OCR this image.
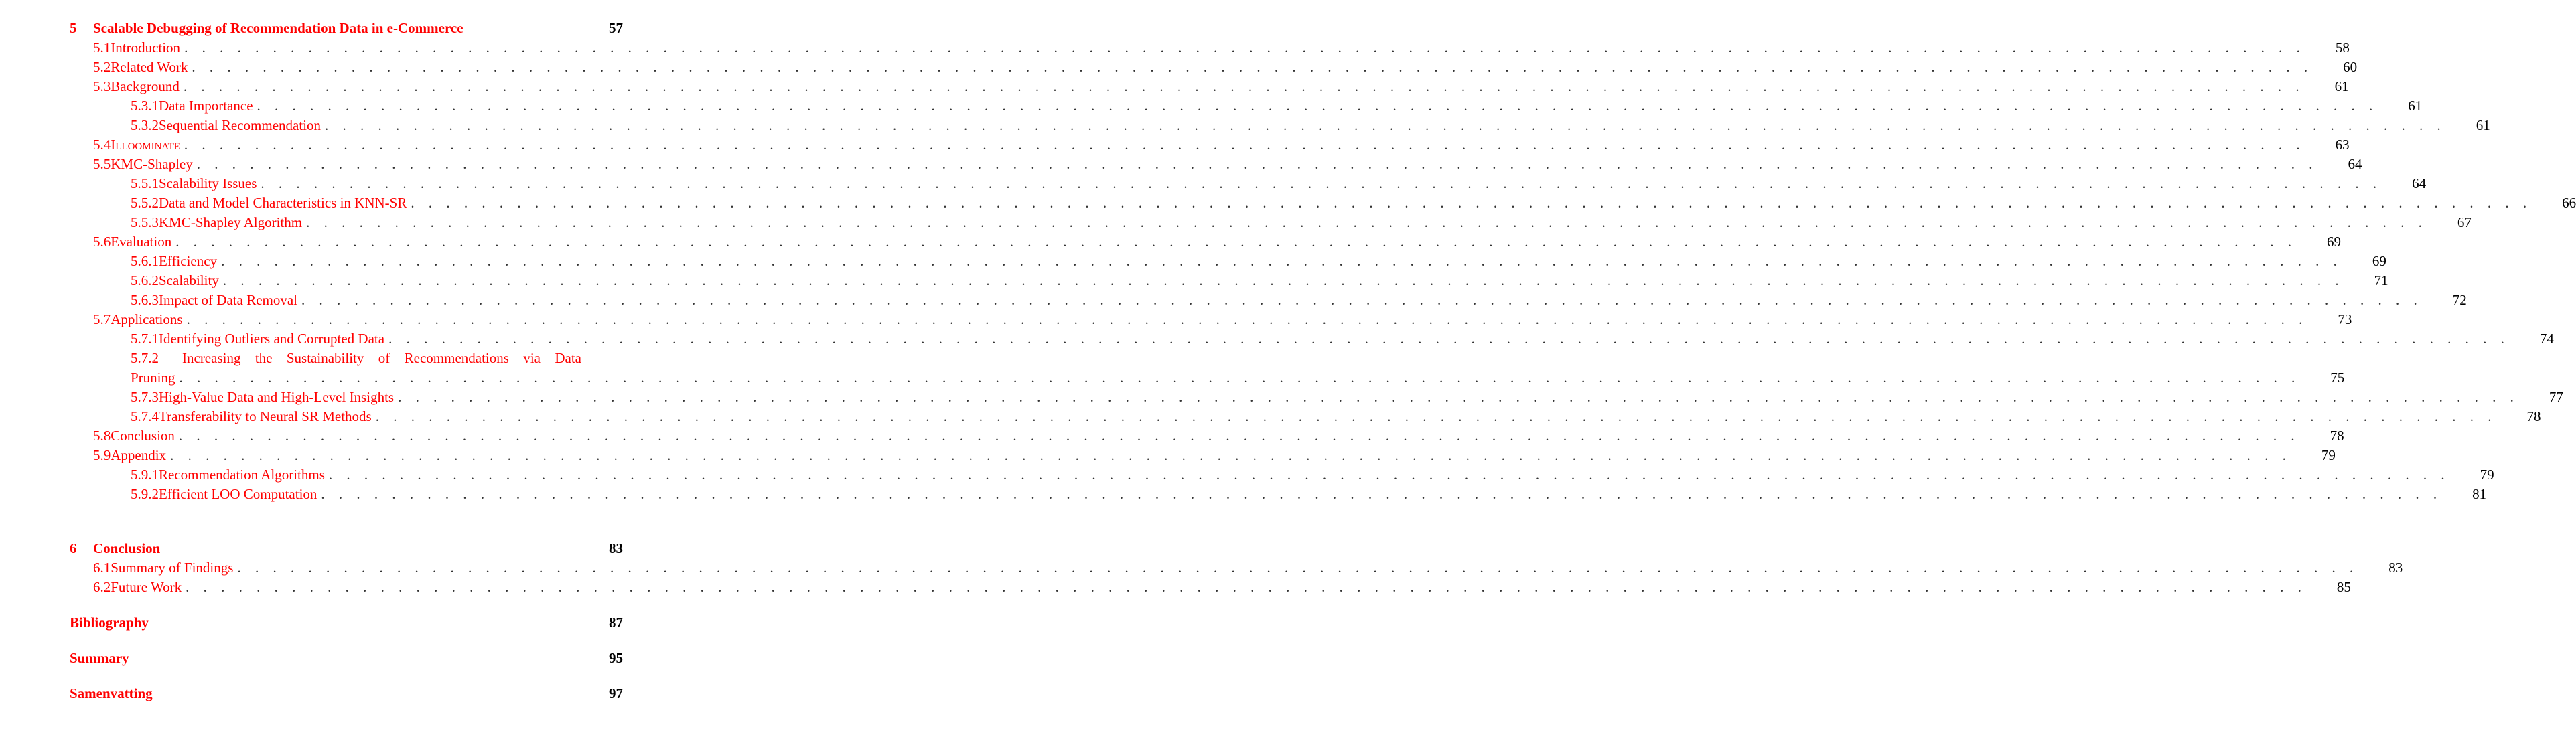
5	Scalable Debugging of Recommendation Data in e-Commerce	57
5.1 Introduction . . . . . . . . . . . . . . . . . . . . . . . . . . . . . . . . . . . . . . . . . . . . . . . . . . . . . . . . . . . . . . . . . . . . . . . . . . . . . . . . . . . . . . . . . . . . . . . . . . . . . . . . . . . . . . . . . . . . . . . .	58
5.2 Related Work . . . . . . . . . . . . . . . . . . . . . . . . . . . . . . . . . . . . . . . . . . . . . . . . . . . . . . . . . . . . . . . . . . . . . . . . . . . . . . . . . . . . . . . . . . . . . . . . . . . . . . . . . . . . . . . . . . . . . . . .	60
5.3 Background . . . . . . . . . . . . . . . . . . . . . . . . . . . . . . . . . . . . . . . . . . . . . . . . . . . . . . . . . . . . . . . . . . . . . . . . . . . . . . . . . . . . . . . . . . . . . . . . . . . . . . . . . . . . . . . . . . . . . . . .	61
5.3.1 Data Importance . . . . . . . . . . . . . . . . . . . . . . . . . . . . . . . . . . . . . . . . . . . . . . . . . . . . . . . . . . . . . . . . . . . . . . . . . . . . . . . . . . . . . . . . . . . . . . . . . . . . . . . . . . . . . . . . . . . . . . . .	61
5.3.2 Sequential Recommendation . . . . . . . . . . . . . . . . . . . . . . . . . . . . . . . . . . . . . . . . . . . . . . . . . . . . . . . . . . . . . . . . . . . . . . . . . . . . . . . . . . . . . . . . . . . . . . . . . . . . . . . . . . . . . . . . . . . . . . . .	61
5.4 Illoominate . . . . . . . . . . . . . . . . . . . . . . . . . . . . . . . . . . . . . . . . . . . . . . . . . . . . . . . . . . . . . . . . . . . . . . . . . . . . . . . . . . . . . . . . . . . . . . . . . . . . . . . . . . . . . . . . . . . . . . . .	63
5.5 KMC-Shapley . . . . . . . . . . . . . . . . . . . . . . . . . . . . . . . . . . . . . . . . . . . . . . . . . . . . . . . . . . . . . . . . . . . . . . . . . . . . . . . . . . . . . . . . . . . . . . . . . . . . . . . . . . . . . . . . . . . . . . . .	64
5.5.1 Scalability Issues . . . . . . . . . . . . . . . . . . . . . . . . . . . . . . . . . . . . . . . . . . . . . . . . . . . . . . . . . . . . . . . . . . . . . . . . . . . . . . . . . . . . . . . . . . . . . . . . . . . . . . . . . . . . . . . . . . . . . . . .	64
5.5.2 Data and Model Characteristics in KNN-SR . . . . . . . . . . . . . . . . . . . . . . . . . . . . . . . . . . . . . . . . . . . . . . . . . . . . . . . . . . . . . . . . . . . . . . . . . . . . . . . . . . . . . . . . . . . . . . . . . . . . . . . . . . . . . . . . . . . . . . . .	66
5.5.3 KMC-Shapley Algorithm . . . . . . . . . . . . . . . . . . . . . . . . . . . . . . . . . . . . . . . . . . . . . . . . . . . . . . . . . . . . . . . . . . . . . . . . . . . . . . . . . . . . . . . . . . . . . . . . . . . . . . . . . . . . . . . . . . . . . . . .	67
5.6 Evaluation . . . . . . . . . . . . . . . . . . . . . . . . . . . . . . . . . . . . . . . . . . . . . . . . . . . . . . . . . . . . . . . . . . . . . . . . . . . . . . . . . . . . . . . . . . . . . . . . . . . . . . . . . . . . . . . . . . . . . . . .	69
5.6.1 Efficiency . . . . . . . . . . . . . . . . . . . . . . . . . . . . . . . . . . . . . . . . . . . . . . . . . . . . . . . . . . . . . . . . . . . . . . . . . . . . . . . . . . . . . . . . . . . . . . . . . . . . . . . . . . . . . . . . . . . . . . . .	69
5.6.2 Scalability . . . . . . . . . . . . . . . . . . . . . . . . . . . . . . . . . . . . . . . . . . . . . . . . . . . . . . . . . . . . . . . . . . . . . . . . . . . . . . . . . . . . . . . . . . . . . . . . . . . . . . . . . . . . . . . . . . . . . . . .	71
5.6.3 Impact of Data Removal . . . . . . . . . . . . . . . . . . . . . . . . . . . . . . . . . . . . . . . . . . . . . . . . . . . . . . . . . . . . . . . . . . . . . . . . . . . . . . . . . . . . . . . . . . . . . . . . . . . . . . . . . . . . . . . . . . . . . . . .	72
5.7 Applications . . . . . . . . . . . . . . . . . . . . . . . . . . . . . . . . . . . . . . . . . . . . . . . . . . . . . . . . . . . . . . . . . . . . . . . . . . . . . . . . . . . . . . . . . . . . . . . . . . . . . . . . . . . . . . . . . . . . . . . .	73
5.7.1 Identifying Outliers and Corrupted Data . . . . . . . . . . . . . . . . . . . . . . . . . . . . . . . . . . . . . . . . . . . . . . . . . . . . . . . . . . . . . . . . . . . . . . . . . . . . . . . . . . . . . . . . . . . . . . . . . . . . . . . . . . . . . . . . . . . . . . . .	74
5.7.2	Increasing the Sustainability of Recommendations via Data
Pruning . . . . . . . . . . . . . . . . . . . . . . . . . . . . . . . . . . . . . . . . . . . . . . . . . . . . . . . . . . . . . . . . . . . . . . . . . . . . . . . . . . . . . . . . . . . . . . . . . . . . . . . . . . . . . . . . . . . . . . . .	75
5.7.3 High-Value Data and High-Level Insights . . . . . . . . . . . . . . . . . . . . . . . . . . . . . . . . . . . . . . . . . . . . . . . . . . . . . . . . . . . . . . . . . . . . . . . . . . . . . . . . . . . . . . . . . . . . . . . . . . . . . . . . . . . . . . . . . . . . . . . .	77
5.7.4 Transferability to Neural SR Methods . . . . . . . . . . . . . . . . . . . . . . . . . . . . . . . . . . . . . . . . . . . . . . . . . . . . . . . . . . . . . . . . . . . . . . . . . . . . . . . . . . . . . . . . . . . . . . . . . . . . . . . . . . . . . . . . . . . . . . . .	78
5.8 Conclusion . . . . . . . . . . . . . . . . . . . . . . . . . . . . . . . . . . . . . . . . . . . . . . . . . . . . . . . . . . . . . . . . . . . . . . . . . . . . . . . . . . . . . . . . . . . . . . . . . . . . . . . . . . . . . . . . . . . . . . . .	78
5.9 Appendix . . . . . . . . . . . . . . . . . . . . . . . . . . . . . . . . . . . . . . . . . . . . . . . . . . . . . . . . . . . . . . . . . . . . . . . . . . . . . . . . . . . . . . . . . . . . . . . . . . . . . . . . . . . . . . . . . . . . . . . .	79
5.9.1 Recommendation Algorithms . . . . . . . . . . . . . . . . . . . . . . . . . . . . . . . . . . . . . . . . . . . . . . . . . . . . . . . . . . . . . . . . . . . . . . . . . . . . . . . . . . . . . . . . . . . . . . . . . . . . . . . . . . . . . . . . . . . . . . . .	79
5.9.2 Efficient LOO Computation . . . . . . . . . . . . . . . . . . . . . . . . . . . . . . . . . . . . . . . . . . . . . . . . . . . . . . . . . . . . . . . . . . . . . . . . . . . . . . . . . . . . . . . . . . . . . . . . . . . . . . . . . . . . . . . . . . . . . . . .	81
6	Conclusion	83
6.1 Summary of Findings . . . . . . . . . . . . . . . . . . . . . . . . . . . . . . . . . . . . . . . . . . . . . . . . . . . . . . . . . . . . . . . . . . . . . . . . . . . . . . . . . . . . . . . . . . . . . . . . . . . . . . . . . . . . . . . . . . . . . . . .	83
6.2 Future Work . . . . . . . . . . . . . . . . . . . . . . . . . . . . . . . . . . . . . . . . . . . . . . . . . . . . . . . . . . . . . . . . . . . . . . . . . . . . . . . . . . . . . . . . . . . . . . . . . . . . . . . . . . . . . . . . . . . . . . . .	85
Bibliography	87
Summary	95
Samenvatting	97
